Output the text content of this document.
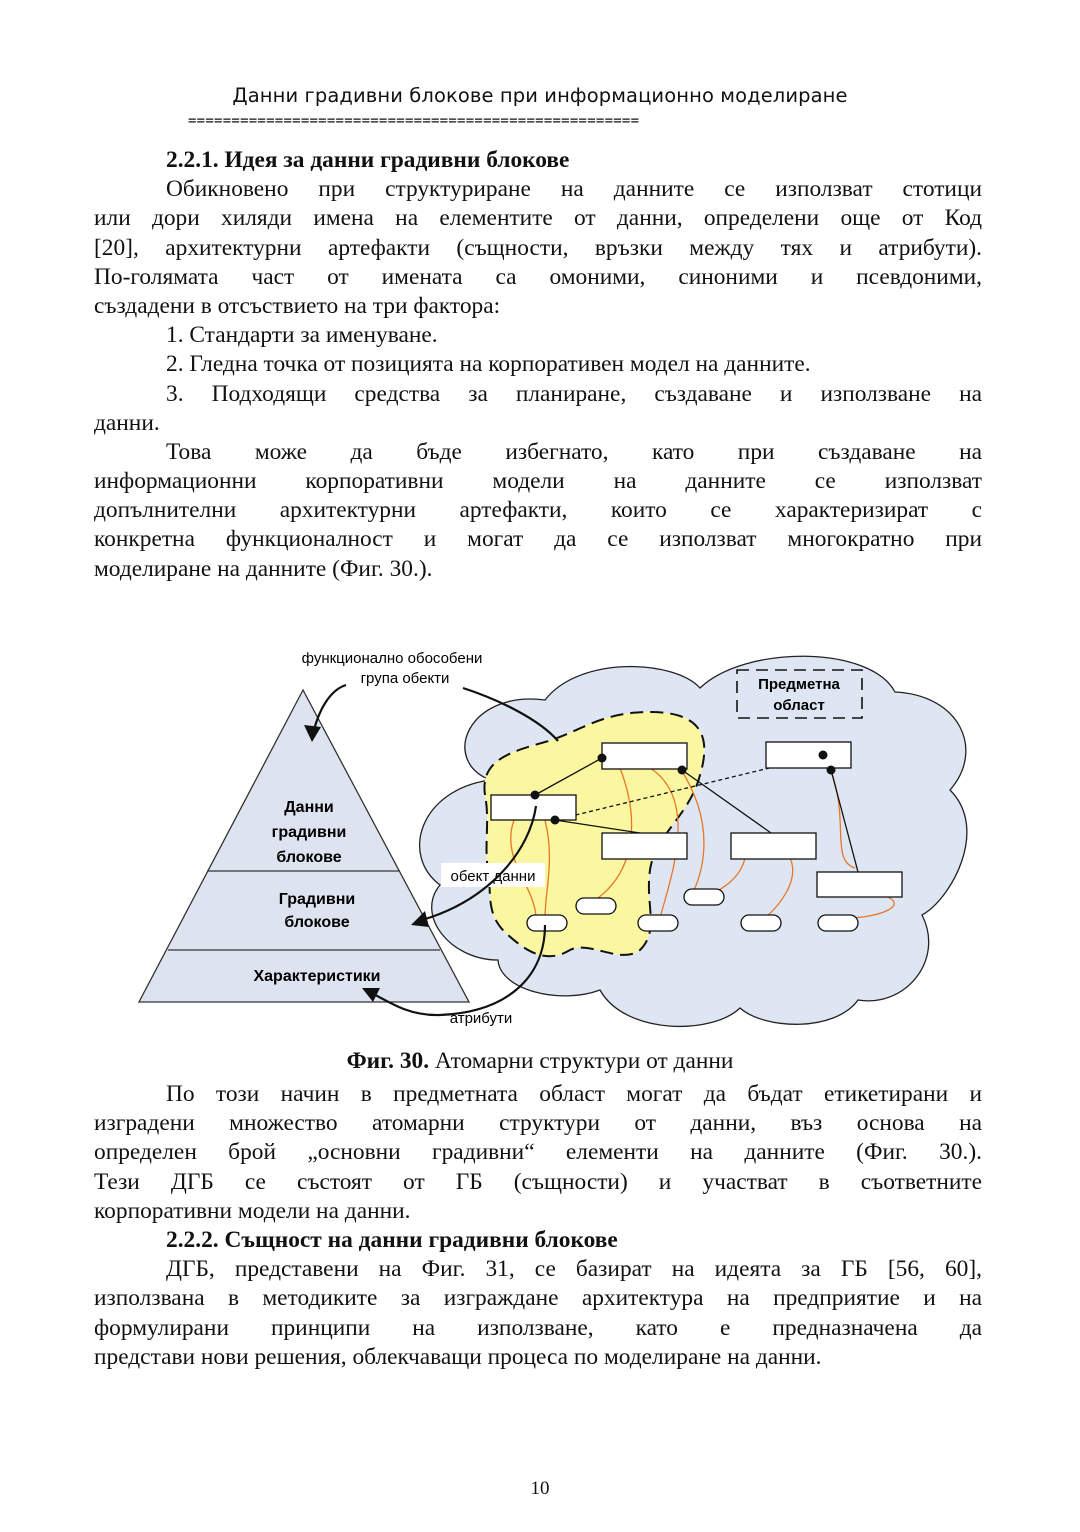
Данни градивни блокове при информационно моделиране
====================================================
2.2.1. Идея за данни градивни блокове
Обикновено при структуриране на данните се използват стотици
или дори хиляди имена на елементите от данни, определени още от Код
[20], архитектурни артефакти (същности, връзки между тях и атрибути).
По-голямата част от имената са омоними, синоними и псевдоними,
създадени в отсъствието на три фактора:
1. Стандарти за именуване.
2. Гледна точка от позицията на корпоративен модел на данните.
3. Подходящи средства за планиране, създаване и използване на
данни.
Това може да бъде избегнато, като при създаване на
информационни корпоративни модели на данните се използват
допълнителни архитектурни артефакти, които се характеризират с
конкретна функционалност и могат да се използват многократно при
моделиране на данните (Фиг. 30.).
Данни
градивни
блокове
Градивни
блокове
Характеристики
Предметна
област
функционално обособени
група обекти
обект данни
атрибути
Фиг. 30. Атомарни структури от данни
По този начин в предметната област могат да бъдат етикетирани и
изградени множество атомарни структури от данни, въз основа на
определен брой „основни градивни“ елементи на данните (Фиг. 30.).
Тези ДГБ се състоят от ГБ (същности) и участват в съответните
корпоративни модели на данни.
2.2.2. Същност на данни градивни блокове
ДГБ, представени на Фиг. 31, се базират на идеята за ГБ [56, 60],
използвана в методиките за изграждане архитектура на предприятие и на
формулирани принципи на използване, като е предназначена да
представи нови решения, облекчаващи процеса по моделиране на данни.
10
